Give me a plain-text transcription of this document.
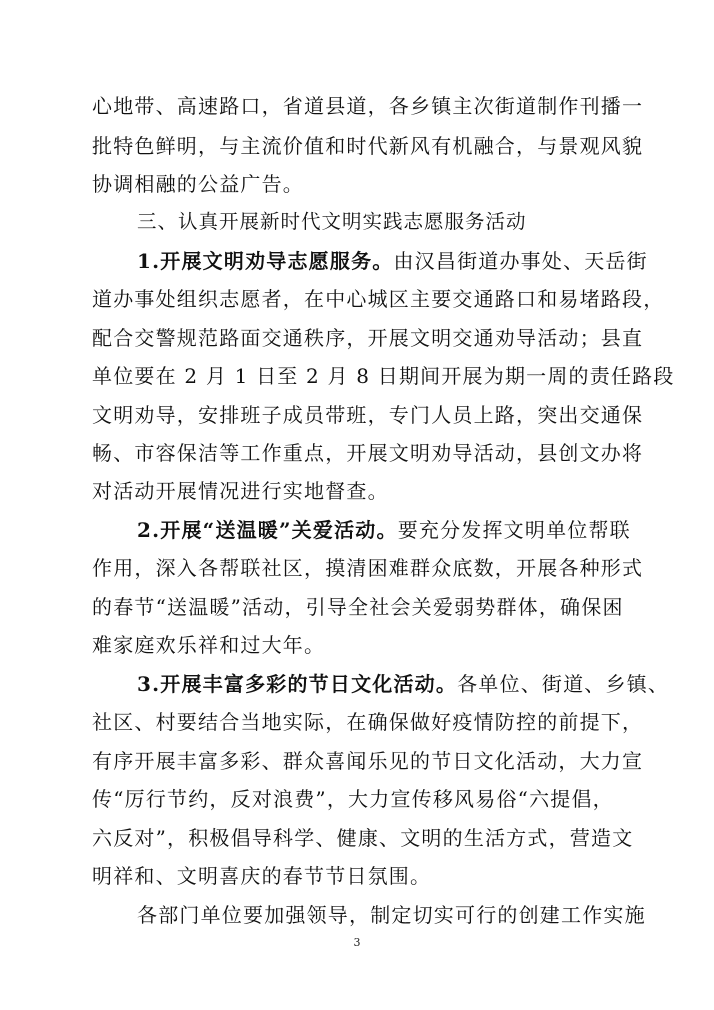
心地带、高速路口，省道县道，各乡镇主次街道制作刊播一
批特色鲜明，与主流价值和时代新风有机融合，与景观风貌
协调相融的公益广告。
三、认真开展新时代文明实践志愿服务活动
1.开展文明劝导志愿服务。由汉昌街道办事处、天岳街
道办事处组织志愿者，在中心城区主要交通路口和易堵路段，
配合交警规范路面交通秩序，开展文明交通劝导活动；县直
单位要在 2 月 1 日至 2 月 8 日期间开展为期一周的责任路段
文明劝导，安排班子成员带班，专门人员上路，突出交通保
畅、市容保洁等工作重点，开展文明劝导活动，县创文办将
对活动开展情况进行实地督查。
2.开展“送温暖”关爱活动。要充分发挥文明单位帮联
作用，深入各帮联社区，摸清困难群众底数，开展各种形式
的春节“送温暖”活动，引导全社会关爱弱势群体，确保困
难家庭欢乐祥和过大年。
3.开展丰富多彩的节日文化活动。各单位、街道、乡镇、
社区、村要结合当地实际，在确保做好疫情防控的前提下，
有序开展丰富多彩、群众喜闻乐见的节日文化活动，大力宣
传“厉行节约，反对浪费”，大力宣传移风易俗“六提倡，
六反对”，积极倡导科学、健康、文明的生活方式，营造文
明祥和、文明喜庆的春节节日氛围。
各部门单位要加强领导，制定切实可行的创建工作实施
3
